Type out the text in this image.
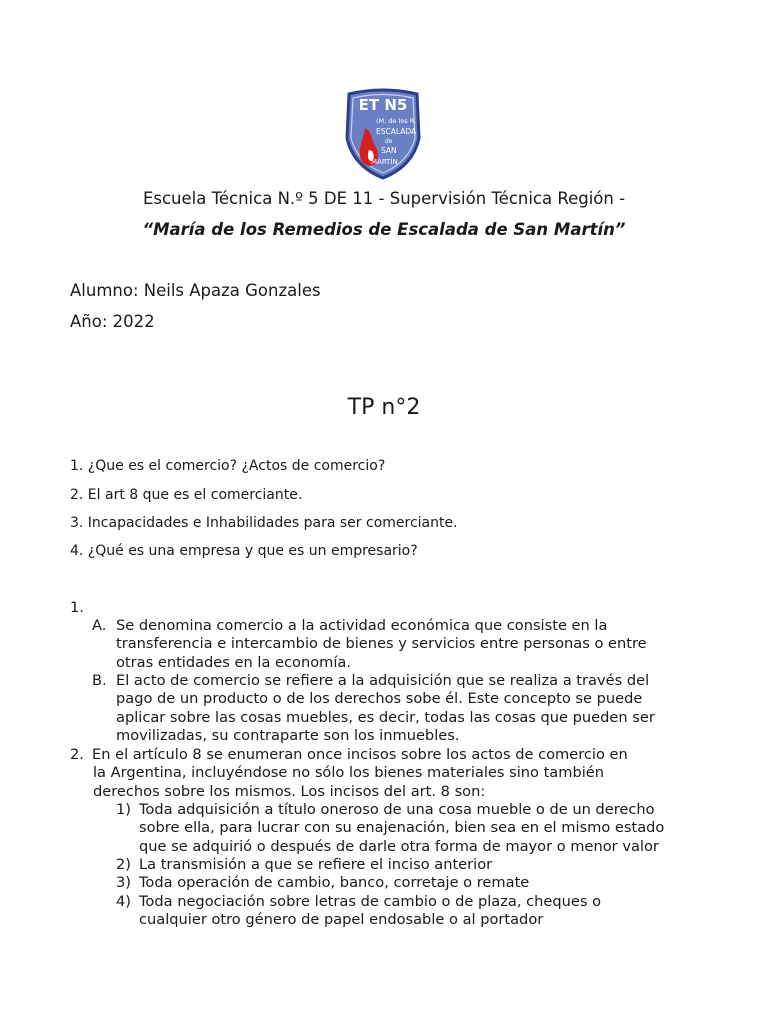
ET N5
(M. de los R.
ESCALADA
de
SAN
MARTÍN
Escuela Técnica N.º 5 DE 11 - Supervisión Técnica Región -
“María de los Remedios de Escalada de San Martín”
Alumno: Neils Apaza Gonzales
Año: 2022
TP n°2
1. ¿Que es el comercio? ¿Actos de comercio?
2. El art 8 que es el comerciante.
3. Incapacidades e Inhabilidades para ser comerciante.
4. ¿Qué es una empresa y que es un empresario?
1.
A. Se denomina comercio a la actividad económica que consiste en la
transferencia e intercambio de bienes y servicios entre personas o entre
otras entidades en la economía.
B. El acto de comercio se refiere a la adquisición que se realiza a través del
pago de un producto o de los derechos sobe él. Este concepto se puede
aplicar sobre las cosas muebles, es decir, todas las cosas que pueden ser
movilizadas, su contraparte son los inmuebles.
2. En el artículo 8 se enumeran once incisos sobre los actos de comercio en
la Argentina, incluyéndose no sólo los bienes materiales sino también
derechos sobre los mismos. Los incisos del art. 8 son:
1) Toda adquisición a título oneroso de una cosa mueble o de un derecho
sobre ella, para lucrar con su enajenación, bien sea en el mismo estado
que se adquirió o después de darle otra forma de mayor o menor valor
2) La transmisión a que se refiere el inciso anterior
3) Toda operación de cambio, banco, corretaje o remate
4) Toda negociación sobre letras de cambio o de plaza, cheques o
cualquier otro género de papel endosable o al portador
